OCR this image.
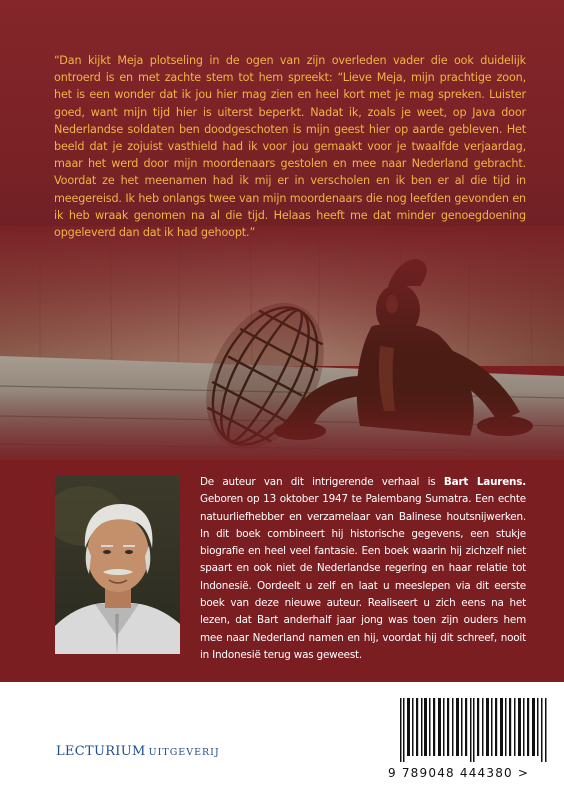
“Dan kijkt Meja plotseling in de ogen van zijn overleden vader die ook duidelijk ontroerd is en met zachte stem tot hem spreekt: “Lieve Meja, mijn prachtige zoon, het is een wonder dat ik jou hier mag zien en heel kort met je mag spreken. Luister goed, want mijn tijd hier is uiterst beperkt. Nadat ik, zoals je weet, op Java door Nederlandse soldaten ben doodgeschoten is mijn geest hier op aarde gebleven. Het beeld dat je zojuist vasthield had ik voor jou gemaakt voor je twaalfde verjaardag, maar het werd door mijn moordenaars gestolen en mee naar Nederland gebracht. Voordat ze het meenamen had ik mij er in verscholen en ik ben er al die tijd in meegereisd. Ik heb onlangs twee van mijn moordenaars die nog leefden gevonden en ik heb wraak genomen na al die tijd. Helaas heeft me dat minder genoegdoening opgeleverd dan dat ik had gehoopt.”

De auteur van dit intrigerende verhaal is Bart Laurens. Geboren op 13 oktober 1947 te Palembang Sumatra. Een echte natuurliefhebber en verzamelaar van Balinese houtsnijwerken. In dit boek combineert hij historische gegevens, een stukje biografie en heel veel fantasie. Een boek waarin hij zichzelf niet spaart en ook niet de Nederlandse regering en haar relatie tot Indonesië. Oordeelt u zelf en laat u meeslepen via dit eerste boek van deze nieuwe auteur. Realiseert u zich eens na het lezen, dat Bart anderhalf jaar jong was toen zijn ouders hem mee naar Nederland namen en hij, voordat hij dit schreef, nooit in Indonesië terug was geweest.

LECTURIUM UITGEVERIJ
9 789048 444380 >
